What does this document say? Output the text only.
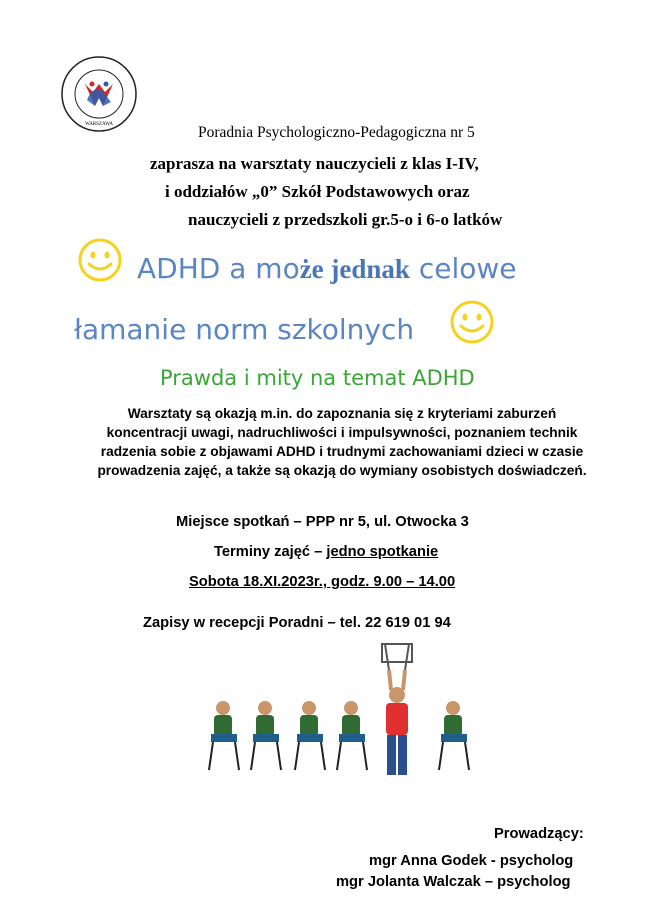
WARSZAWA	Poradnia Psychologiczno-Pedagogiczna nr 5
zaprasza na warsztaty nauczycieli z klas I-IV,
i oddziałów „0” Szkół Podstawowych oraz
nauczycieli z przedszkoli gr.5-o i 6-o latków
ADHD a może jednak celowe
łamanie norm szkolnych
Prawda i mity na temat ADHD
Warsztaty są okazją m.in. do zapoznania się z kryteriami zaburzeń koncentracji uwagi, nadruchliwości i impulsywności, poznaniem technik radzenia sobie z objawami ADHD i trudnymi zachowaniami dzieci w czasie prowadzenia zajęć, a także są okazją do wymiany osobistych doświadczeń.
Miejsce spotkań – PPP nr 5, ul. Otwocka 3
Terminy zajęć – jedno spotkanie
Sobota 18.XI.2023r., godz. 9.00 – 14.00
Zapisy w recepcji Poradni – tel. 22 619 01 94
Prowadzący:
mgr Anna Godek - psycholog
mgr Jolanta Walczak – psycholog
